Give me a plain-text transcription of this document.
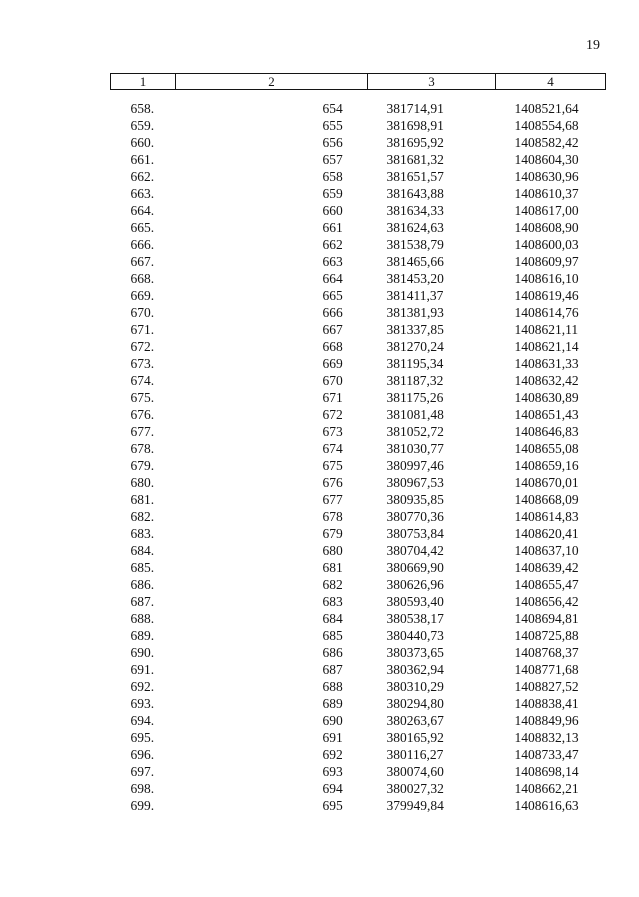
19
1	2	3	4

658.	654	381714,91	1408521,64
659.	655	381698,91	1408554,68
660.	656	381695,92	1408582,42
661.	657	381681,32	1408604,30
662.	658	381651,57	1408630,96
663.	659	381643,88	1408610,37
664.	660	381634,33	1408617,00
665.	661	381624,63	1408608,90
666.	662	381538,79	1408600,03
667.	663	381465,66	1408609,97
668.	664	381453,20	1408616,10
669.	665	381411,37	1408619,46
670.	666	381381,93	1408614,76
671.	667	381337,85	1408621,11
672.	668	381270,24	1408621,14
673.	669	381195,34	1408631,33
674.	670	381187,32	1408632,42
675.	671	381175,26	1408630,89
676.	672	381081,48	1408651,43
677.	673	381052,72	1408646,83
678.	674	381030,77	1408655,08
679.	675	380997,46	1408659,16
680.	676	380967,53	1408670,01
681.	677	380935,85	1408668,09
682.	678	380770,36	1408614,83
683.	679	380753,84	1408620,41
684.	680	380704,42	1408637,10
685.	681	380669,90	1408639,42
686.	682	380626,96	1408655,47
687.	683	380593,40	1408656,42
688.	684	380538,17	1408694,81
689.	685	380440,73	1408725,88
690.	686	380373,65	1408768,37
691.	687	380362,94	1408771,68
692.	688	380310,29	1408827,52
693.	689	380294,80	1408838,41
694.	690	380263,67	1408849,96
695.	691	380165,92	1408832,13
696.	692	380116,27	1408733,47
697.	693	380074,60	1408698,14
698.	694	380027,32	1408662,21
699.	695	379949,84	1408616,63
